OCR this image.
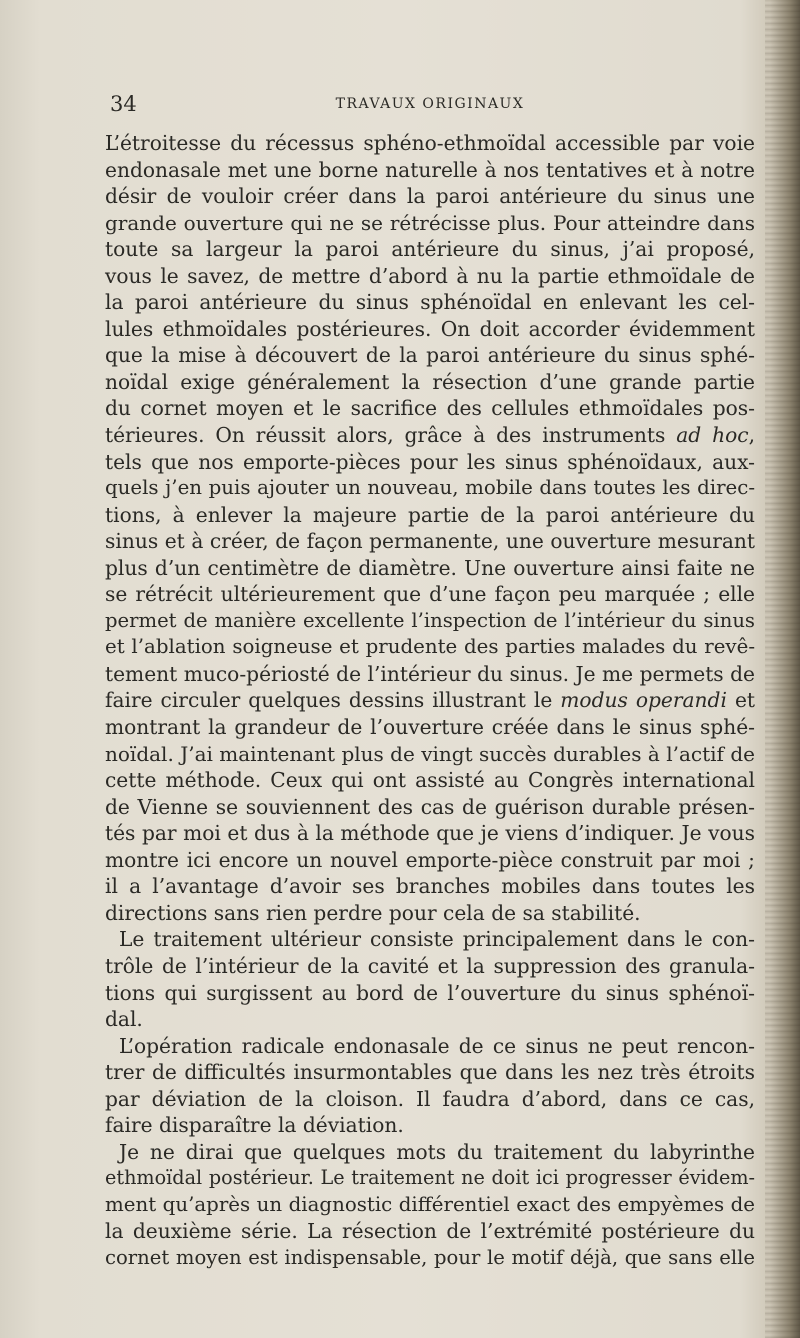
34	TRAVAUX ORIGINAUX
L’étroitesse du récessus sphéno-ethmoïdal accessible par voie
endonasale met une borne naturelle à nos tentatives et à notre
désir de vouloir créer dans la paroi antérieure du sinus une
grande ouverture qui ne se rétrécisse plus. Pour atteindre dans
toute sa largeur la paroi antérieure du sinus, j’ai proposé,
vous le savez, de mettre d’abord à nu la partie ethmoïdale de
la paroi antérieure du sinus sphénoïdal en enlevant les cel-
lules ethmoïdales postérieures. On doit accorder évidemment
que la mise à découvert de la paroi antérieure du sinus sphé-
noïdal exige généralement la résection d’une grande partie
du cornet moyen et le sacrifice des cellules ethmoïdales pos-
térieures. On réussit alors, grâce à des instruments ad hoc,
tels que nos emporte-pièces pour les sinus sphénoïdaux, aux-
quels j’en puis ajouter un nouveau, mobile dans toutes les direc-
tions, à enlever la majeure partie de la paroi antérieure du
sinus et à créer, de façon permanente, une ouverture mesurant
plus d’un centimètre de diamètre. Une ouverture ainsi faite ne
se rétrécit ultérieurement que d’une façon peu marquée ; elle
permet de manière excellente l’inspection de l’intérieur du sinus
et l’ablation soigneuse et prudente des parties malades du revê-
tement muco-périosté de l’intérieur du sinus. Je me permets de
faire circuler quelques dessins illustrant le modus operandi et
montrant la grandeur de l’ouverture créée dans le sinus sphé-
noïdal. J’ai maintenant plus de vingt succès durables à l’actif de
cette méthode. Ceux qui ont assisté au Congrès international
de Vienne se souviennent des cas de guérison durable présen-
tés par moi et dus à la méthode que je viens d’indiquer. Je vous
montre ici encore un nouvel emporte-pièce construit par moi ;
il a l’avantage d’avoir ses branches mobiles dans toutes les
directions sans rien perdre pour cela de sa stabilité.
Le traitement ultérieur consiste principalement dans le con-
trôle de l’intérieur de la cavité et la suppression des granula-
tions qui surgissent au bord de l’ouverture du sinus sphénoï-
dal.
L’opération radicale endonasale de ce sinus ne peut rencon-
trer de difficultés insurmontables que dans les nez très étroits
par déviation de la cloison. Il faudra d’abord, dans ce cas,
faire disparaître la déviation.
Je ne dirai que quelques mots du traitement du labyrinthe
ethmoïdal postérieur. Le traitement ne doit ici progresser évidem-
ment qu’après un diagnostic différentiel exact des empyèmes de
la deuxième série. La résection de l’extrémité postérieure du
cornet moyen est indispensable, pour le motif déjà, que sans elle
